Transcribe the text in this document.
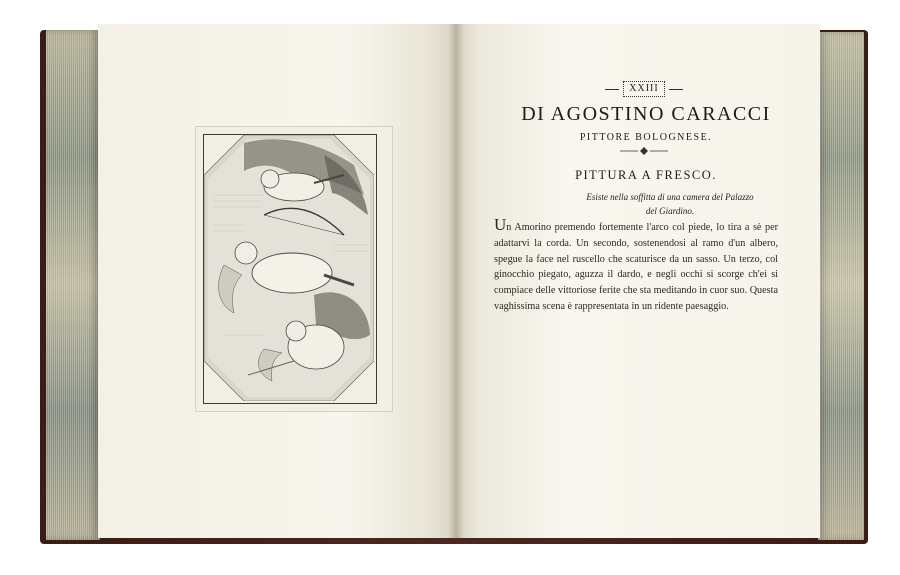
XXIII
DI AGOSTINO CARACCI
PITTORE BOLOGNESE.
PITTURA A FRESCO.
Esiste nella soffitta di una camera del Palazzo
del Giardino.
Un Amorino premendo fortemente l'arco col piede, lo tira a sè per adattarvi la corda. Un secondo, sostenendosi al ramo d'un albero, spegue la face nel ruscello che scaturisce da un sasso. Un terzo, col ginocchio piegato, aguzza il dardo, e negli occhi si scorge ch'ei si compiace delle vittoriose ferite che sta meditando in cuor suo. Questa vaghissima scena è rappresentata in un ridente paesaggio.
